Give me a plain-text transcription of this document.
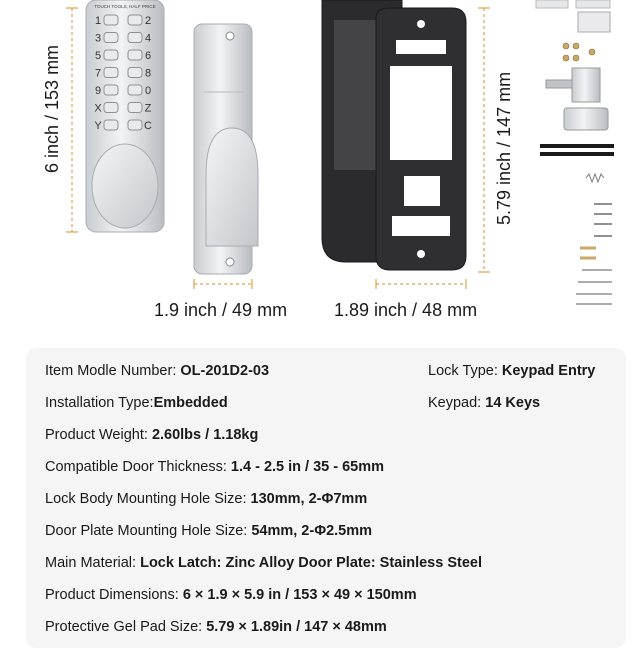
TOUCH TOOLS, HALF PRICE
1
3
5
7
9
X
Y
2
4
6
8
0
Z
C
6 inch / 153 mm
1.9 inch / 49 mm	1.89 inch / 48 mm
5.79 inch / 147 mm
Item Modle Number: OL-201D2-03	Lock Type: Keypad Entry
Installation Type:Embedded	Keypad: 14 Keys
Product Weight: 2.60lbs / 1.18kg
Compatible Door Thickness: 1.4 - 2.5 in / 35 - 65mm
Lock Body Mounting Hole Size: 130mm, 2-Φ7mm
Door Plate Mounting Hole Size: 54mm, 2-Φ2.5mm
Main Material: Lock Latch: Zinc Alloy Door Plate: Stainless Steel
Product Dimensions: 6 × 1.9 × 5.9 in / 153 × 49 × 150mm
Protective Gel Pad Size: 5.79 × 1.89in / 147 × 48mm
